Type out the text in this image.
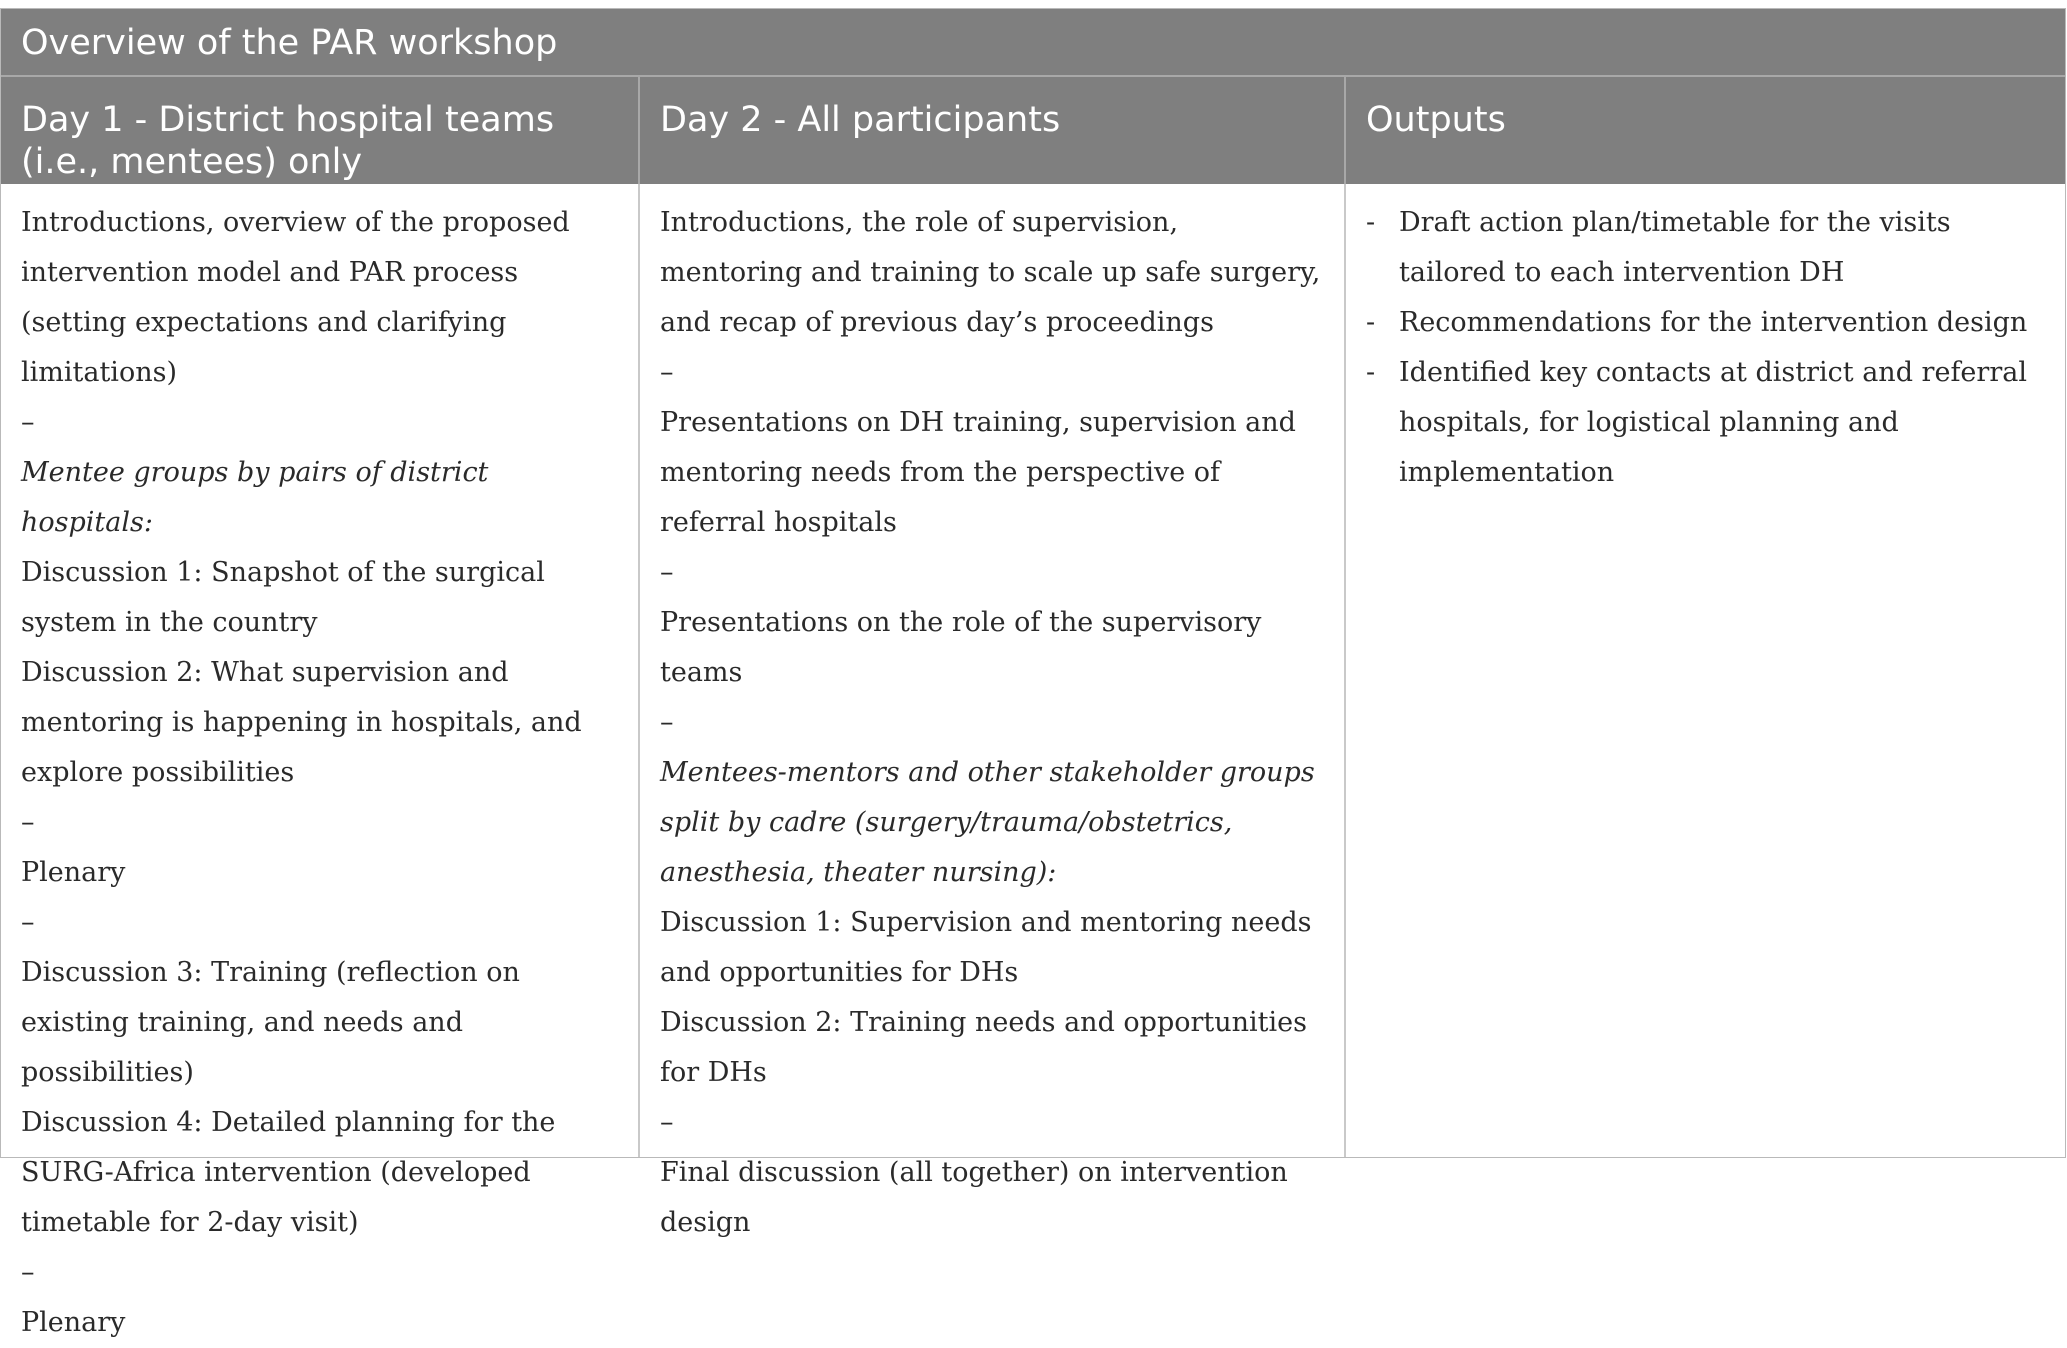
Overview of the PAR workshop
Day 1 - District hospital teams (i.e., mentees) only
Day 2 - All participants	Outputs

Introductions, overview of the proposed intervention model and PAR process (setting expectations and clarifying limitations)

–

Mentee groups by pairs of district hospitals:

Discussion 1: Snapshot of the surgical system in the country

Discussion 2: What supervision and mentoring is happening in hospitals, and explore possibilities

–

Plenary

–

Discussion 3: Training (reflection on existing training, and needs and possibilities)

Discussion 4: Detailed planning for the SURG-Africa intervention (developed timetable for 2-day visit)

–

Plenary

Introductions, the role of supervision, mentoring and training to scale up safe surgery, and recap of previous day’s proceedings

–

Presentations on DH training, supervision and mentoring needs from the perspective of referral hospitals

–

Presentations on the role of the supervisory teams

–

Mentees-mentors and other stakeholder groups split by cadre (surgery/trauma/obstetrics, anesthesia, theater nursing):

Discussion 1: Supervision and mentoring needs and opportunities for DHs

Discussion 2: Training needs and opportunities for DHs

–

Final discussion (all together) on intervention design

- Draft action plan/timetable for the visits tailored to each intervention DH
- Recommendations for the intervention design
- Identified key contacts at district and referral hospitals, for logistical planning and implementation
